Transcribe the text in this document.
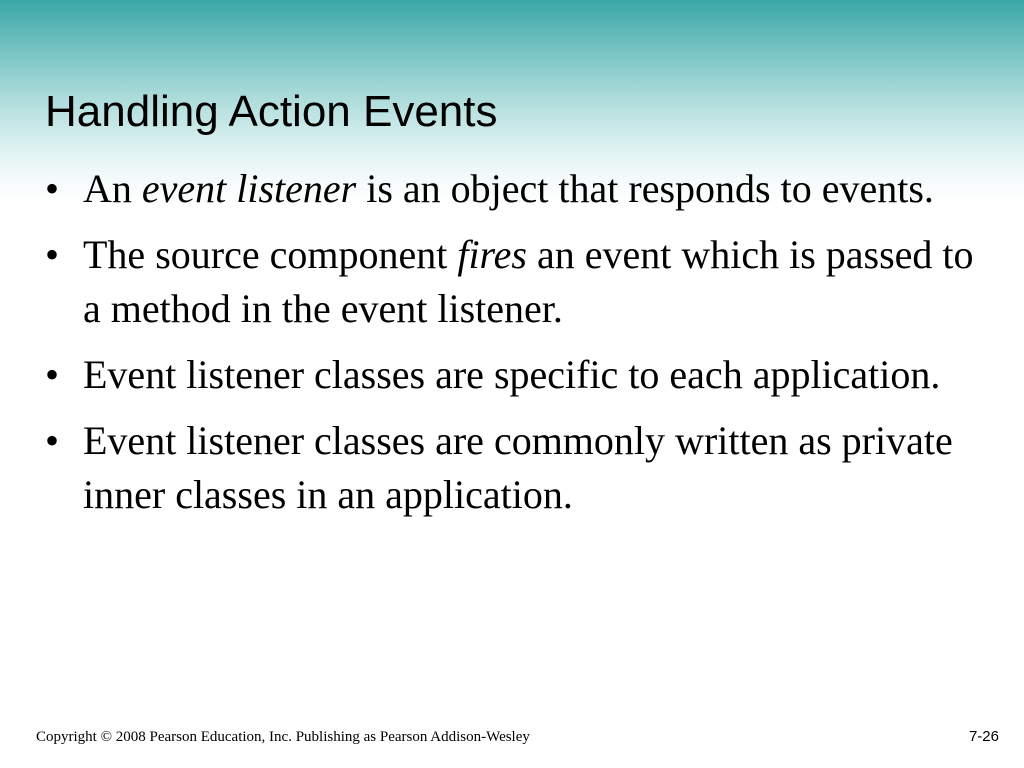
Handling Action Events
• An event listener is an object that responds to events.
• The source component fires an event which is passed to a method in the event listener.
• Event listener classes are specific to each application.
• Event listener classes are commonly written as private inner classes in an application.
Copyright © 2008 Pearson Education, Inc. Publishing as Pearson Addison-Wesley	7-26
